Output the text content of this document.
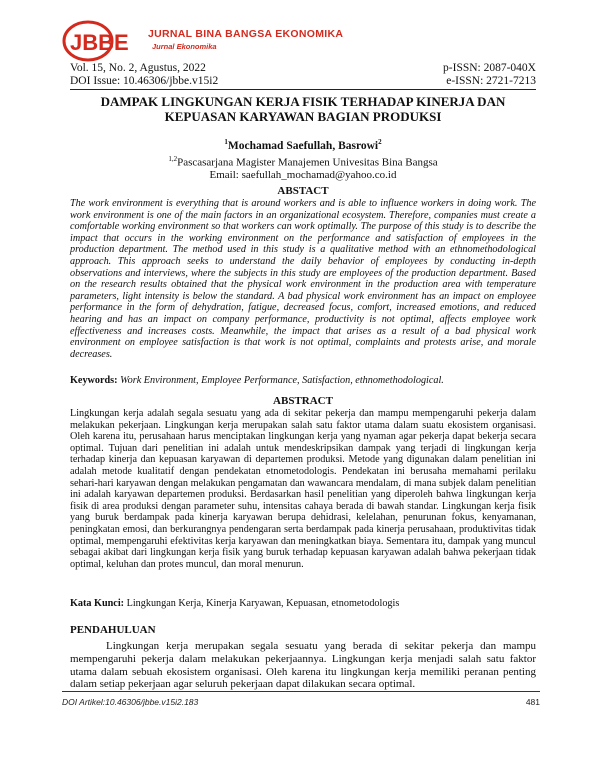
JBBE JURNAL BINA BANGSA EKONOMIKA
Jurnal Ekonomika
Vol. 15, No. 2, Agustus, 2022
DOI Issue: 10.46306/jbbe.v15i2
p-ISSN: 2087-040X
e-ISSN: 2721-7213
DAMPAK LINGKUNGAN KERJA FISIK TERHADAP KINERJA DAN KEPUASAN KARYAWAN BAGIAN PRODUKSI
$^1$Mochamad Saefullah, Basrowi$^2$
$^{1,2}$Pascasarjana Magister Manajemen Univesitas Bina Bangsa
Email: saefullah_mochamad@yahoo.co.id
ABSTACT
The work environment is everything that is around workers and is able to influence workers in doing work. The work environment is one of the main factors in an organizational ecosystem. Therefore, companies must create a comfortable working environment so that workers can work optimally. The purpose of this study is to describe the impact that occurs in the working environment on the performance and satisfaction of employees in the production department. The method used in this study is a qualitative method with an ethnomethodological approach. This approach seeks to understand the daily behavior of employees by conducting in-depth observations and interviews, where the subjects in this study are employees of the production department. Based on the research results obtained that the physical work environment in the production area with temperature parameters, light intensity is below the standard. A bad physical work environment has an impact on employee performance in the form of dehydration, fatigue, decreased focus, comfort, increased emotions, and reduced hearing and has an impact on company performance, productivity is not optimal, affects employee work effectiveness and increases costs. Meanwhile, the impact that arises as a result of a bad physical work environment on employee satisfaction is that work is not optimal, complaints and protests arise, and morale decreases.
Keywords: Work Environment, Employee Performance, Satisfaction, ethnomethodological.
ABSTRACT
Lingkungan kerja adalah segala sesuatu yang ada di sekitar pekerja dan mampu mempengaruhi pekerja dalam melakukan pekerjaan. Lingkungan kerja merupakan salah satu faktor utama dalam suatu ekosistem organisasi. Oleh karena itu, perusahaan harus menciptakan lingkungan kerja yang nyaman agar pekerja dapat bekerja secara optimal. Tujuan dari penelitian ini adalah untuk mendeskripsikan dampak yang terjadi di lingkungan kerja terhadap kinerja dan kepuasan karyawan di departemen produksi. Metode yang digunakan dalam penelitian ini adalah metode kualitatif dengan pendekatan etnometodologis. Pendekatan ini berusaha memahami perilaku sehari-hari karyawan dengan melakukan pengamatan dan wawancara mendalam, di mana subjek dalam penelitian ini adalah karyawan departemen produksi. Berdasarkan hasil penelitian yang diperoleh bahwa lingkungan kerja fisik di area produksi dengan parameter suhu, intensitas cahaya berada di bawah standar. Lingkungan kerja fisik yang buruk berdampak pada kinerja karyawan berupa dehidrasi, kelelahan, penurunan fokus, kenyamanan, peningkatan emosi, dan berkurangnya pendengaran serta berdampak pada kinerja perusahaan, produktivitas tidak optimal, mempengaruhi efektivitas kerja karyawan dan meningkatkan biaya. Sementara itu, dampak yang muncul sebagai akibat dari lingkungan kerja fisik yang buruk terhadap kepuasan karyawan adalah bahwa pekerjaan tidak optimal, keluhan dan protes muncul, dan moral menurun.
Kata Kunci: Lingkungan Kerja, Kinerja Karyawan, Kepuasan, etnometodologis
PENDAHULUAN
Lingkungan kerja merupakan segala sesuatu yang berada di sekitar pekerja dan mampu mempengaruhi pekerja dalam melakukan pekerjaannya. Lingkungan kerja menjadi salah satu faktor utama dalam sebuah ekosistem organisasi. Oleh karena itu lingkungan kerja memiliki peranan penting dalam setiap pekerjaan agar seluruh pekerjaan dapat dilakukan secara optimal.
DOI Artikel:10.46306/jbbe.v15i2.183	481
